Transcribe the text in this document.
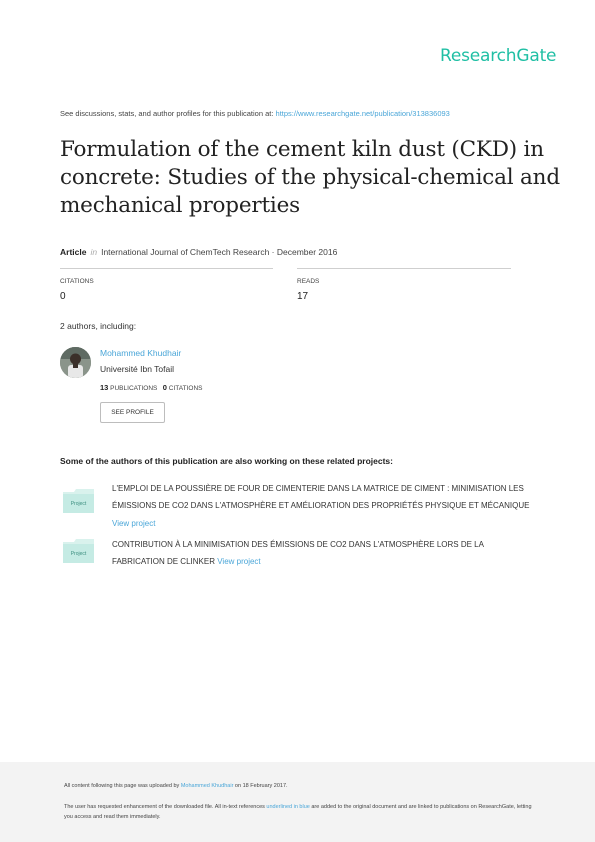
ResearchGate
See discussions, stats, and author profiles for this publication at: https://www.researchgate.net/publication/313836093
Formulation of the cement kiln dust (CKD) in concrete: Studies of the physical-chemical and mechanical properties
Article in International Journal of ChemTech Research · December 2016
CITATIONS
0
READS
17
2 authors, including:
Mohammed Khudhair
Université Ibn Tofail
13 PUBLICATIONS 0 CITATIONS
SEE PROFILE
Some of the authors of this publication are also working on these related projects:
Project
L'EMPLOI DE LA POUSSIÈRE DE FOUR DE CIMENTERIE DANS LA MATRICE DE CIMENT : MINIMISATION LES ÉMISSIONS DE CO2 DANS L'ATMOSPHÈRE ET AMÉLIORATION DES PROPRIÉTÉS PHYSIQUE ET MÉCANIQUE View project
Project
CONTRIBUTION À LA MINIMISATION DES ÉMISSIONS DE CO2 DANS L'ATMOSPHÈRE LORS DE LA FABRICATION DE CLINKER View project
All content following this page was uploaded by Mohammed Khudhair on 18 February 2017.
The user has requested enhancement of the downloaded file. All in-text references underlined in blue are added to the original document and are linked to publications on ResearchGate, letting you access and read them immediately.
